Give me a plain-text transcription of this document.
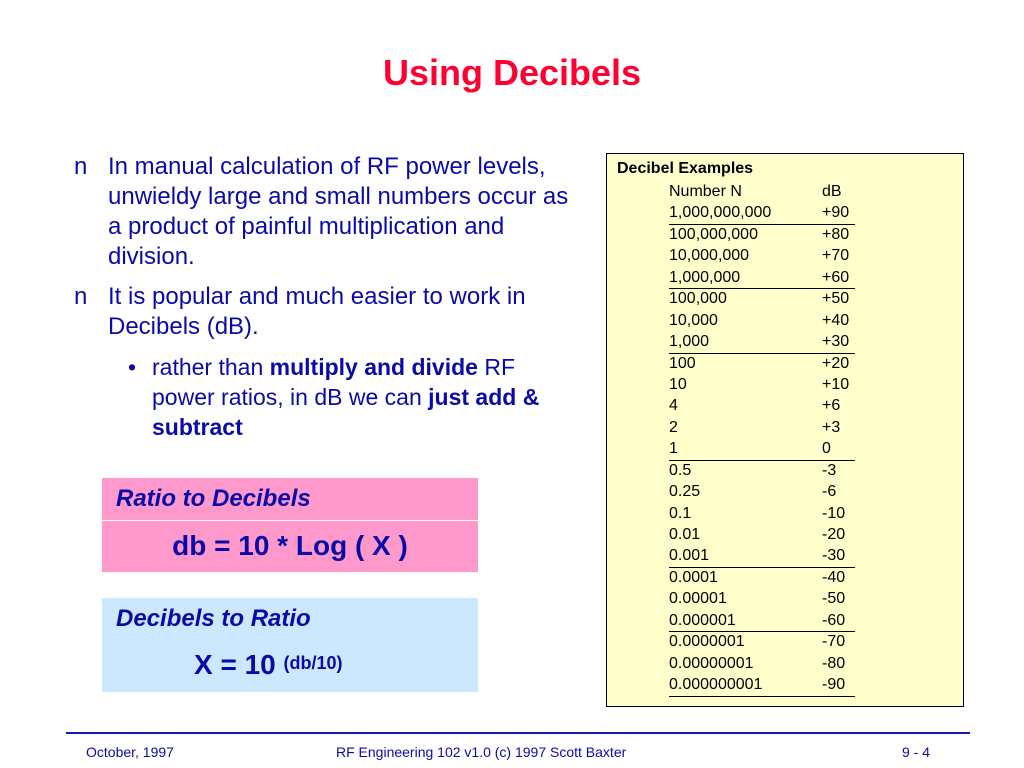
Using Decibels
n In manual calculation of RF power levels, unwieldy large and small numbers occur as a product of painful multiplication and division.
n It is popular and much easier to work in Decibels (dB).
• rather than multiply and divide RF power ratios, in dB we can just add & subtract
Ratio to Decibels
db = 10 * Log ( X )
Decibels to Ratio
X = 10 $^{(db/10)}$
Decibel Examples
Number N	dB
1,000,000,000	+90
100,000,000	+80
10,000,000	+70
1,000,000	+60
100,000	+50
10,000	+40
1,000	+30
100	+20
10	+10
4	+6
2	+3
1	0
0.5	-3
0.25	-6
0.1	-10
0.01	-20
0.001	-30
0.0001	-40
0.00001	-50
0.000001	-60
0.0000001	-70
0.00000001	-80
0.000000001	-90
October, 1997	RF Engineering 102 v1.0 (c) 1997 Scott Baxter	9 - 4
